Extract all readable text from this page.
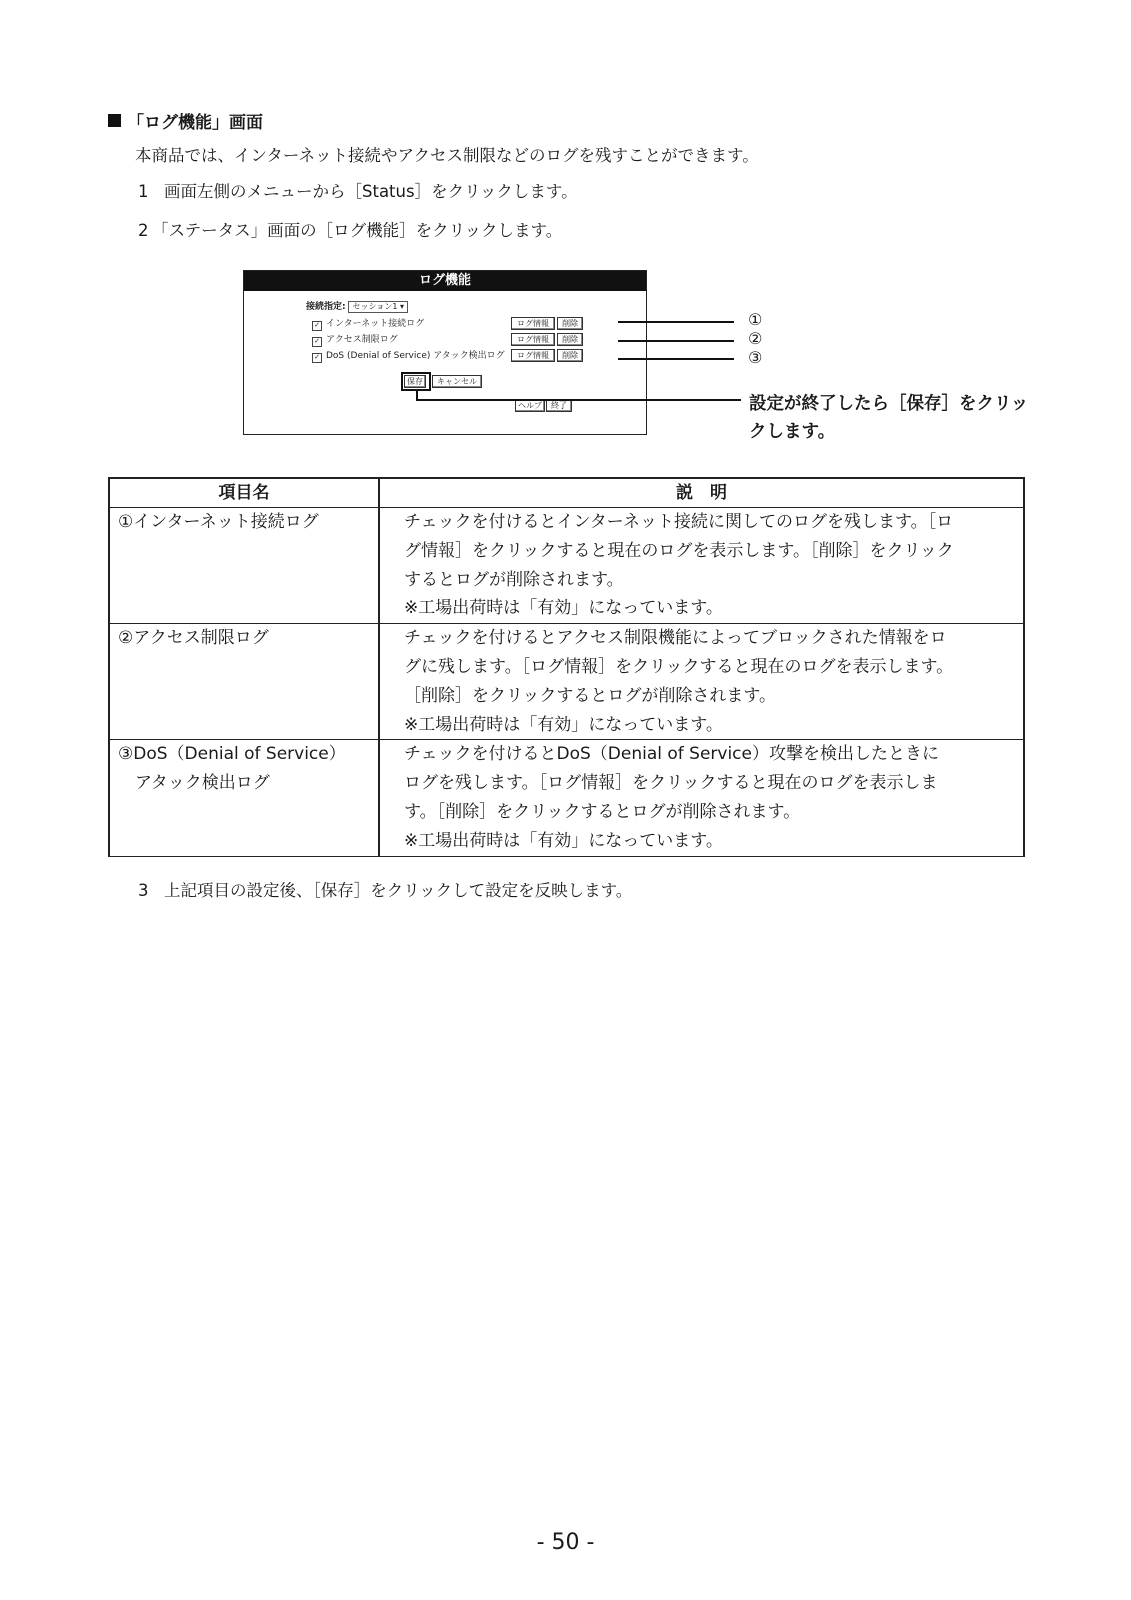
「ログ機能」画面
本商品では、インターネット接続やアクセス制限などのログを残すことができます。
1 画面左側のメニューから［Status］をクリックします。
2 「ステータス」画面の［ログ機能］をクリックします。
ログ機能
接続指定: セッション1 ▾
✓ インターネット接続ログ
✓ アクセス制限ログ
✓ DoS (Denial of Service) アタック検出ログ
ログ情報	削除
ログ情報	削除
ログ情報	削除
保存	キャンセル
ヘルプ	終了
①
②
③
設定が終了したら［保存］をクリックします。
項目名	説　明

①インターネット接続ログ	チェックを付けるとインターネット接続に関してのログを残します。［ロ
グ情報］をクリックすると現在のログを表示します。［削除］をクリック
するとログが削除されます。
※工場出荷時は「有効」になっています。

②アクセス制限ログ	チェックを付けるとアクセス制限機能によってブロックされた情報をロ
グに残します。［ログ情報］をクリックすると現在のログを表示します。
［削除］をクリックするとログが削除されます。
※工場出荷時は「有効」になっています。

③DoS（Denial of Service）
　アタック検出ログ	チェックを付けるとDoS（Denial of Service）攻撃を検出したときに
ログを残します。［ログ情報］をクリックすると現在のログを表示しま
す。［削除］をクリックするとログが削除されます。
※工場出荷時は「有効」になっています。
3 上記項目の設定後、［保存］をクリックして設定を反映します。
- 50 -
